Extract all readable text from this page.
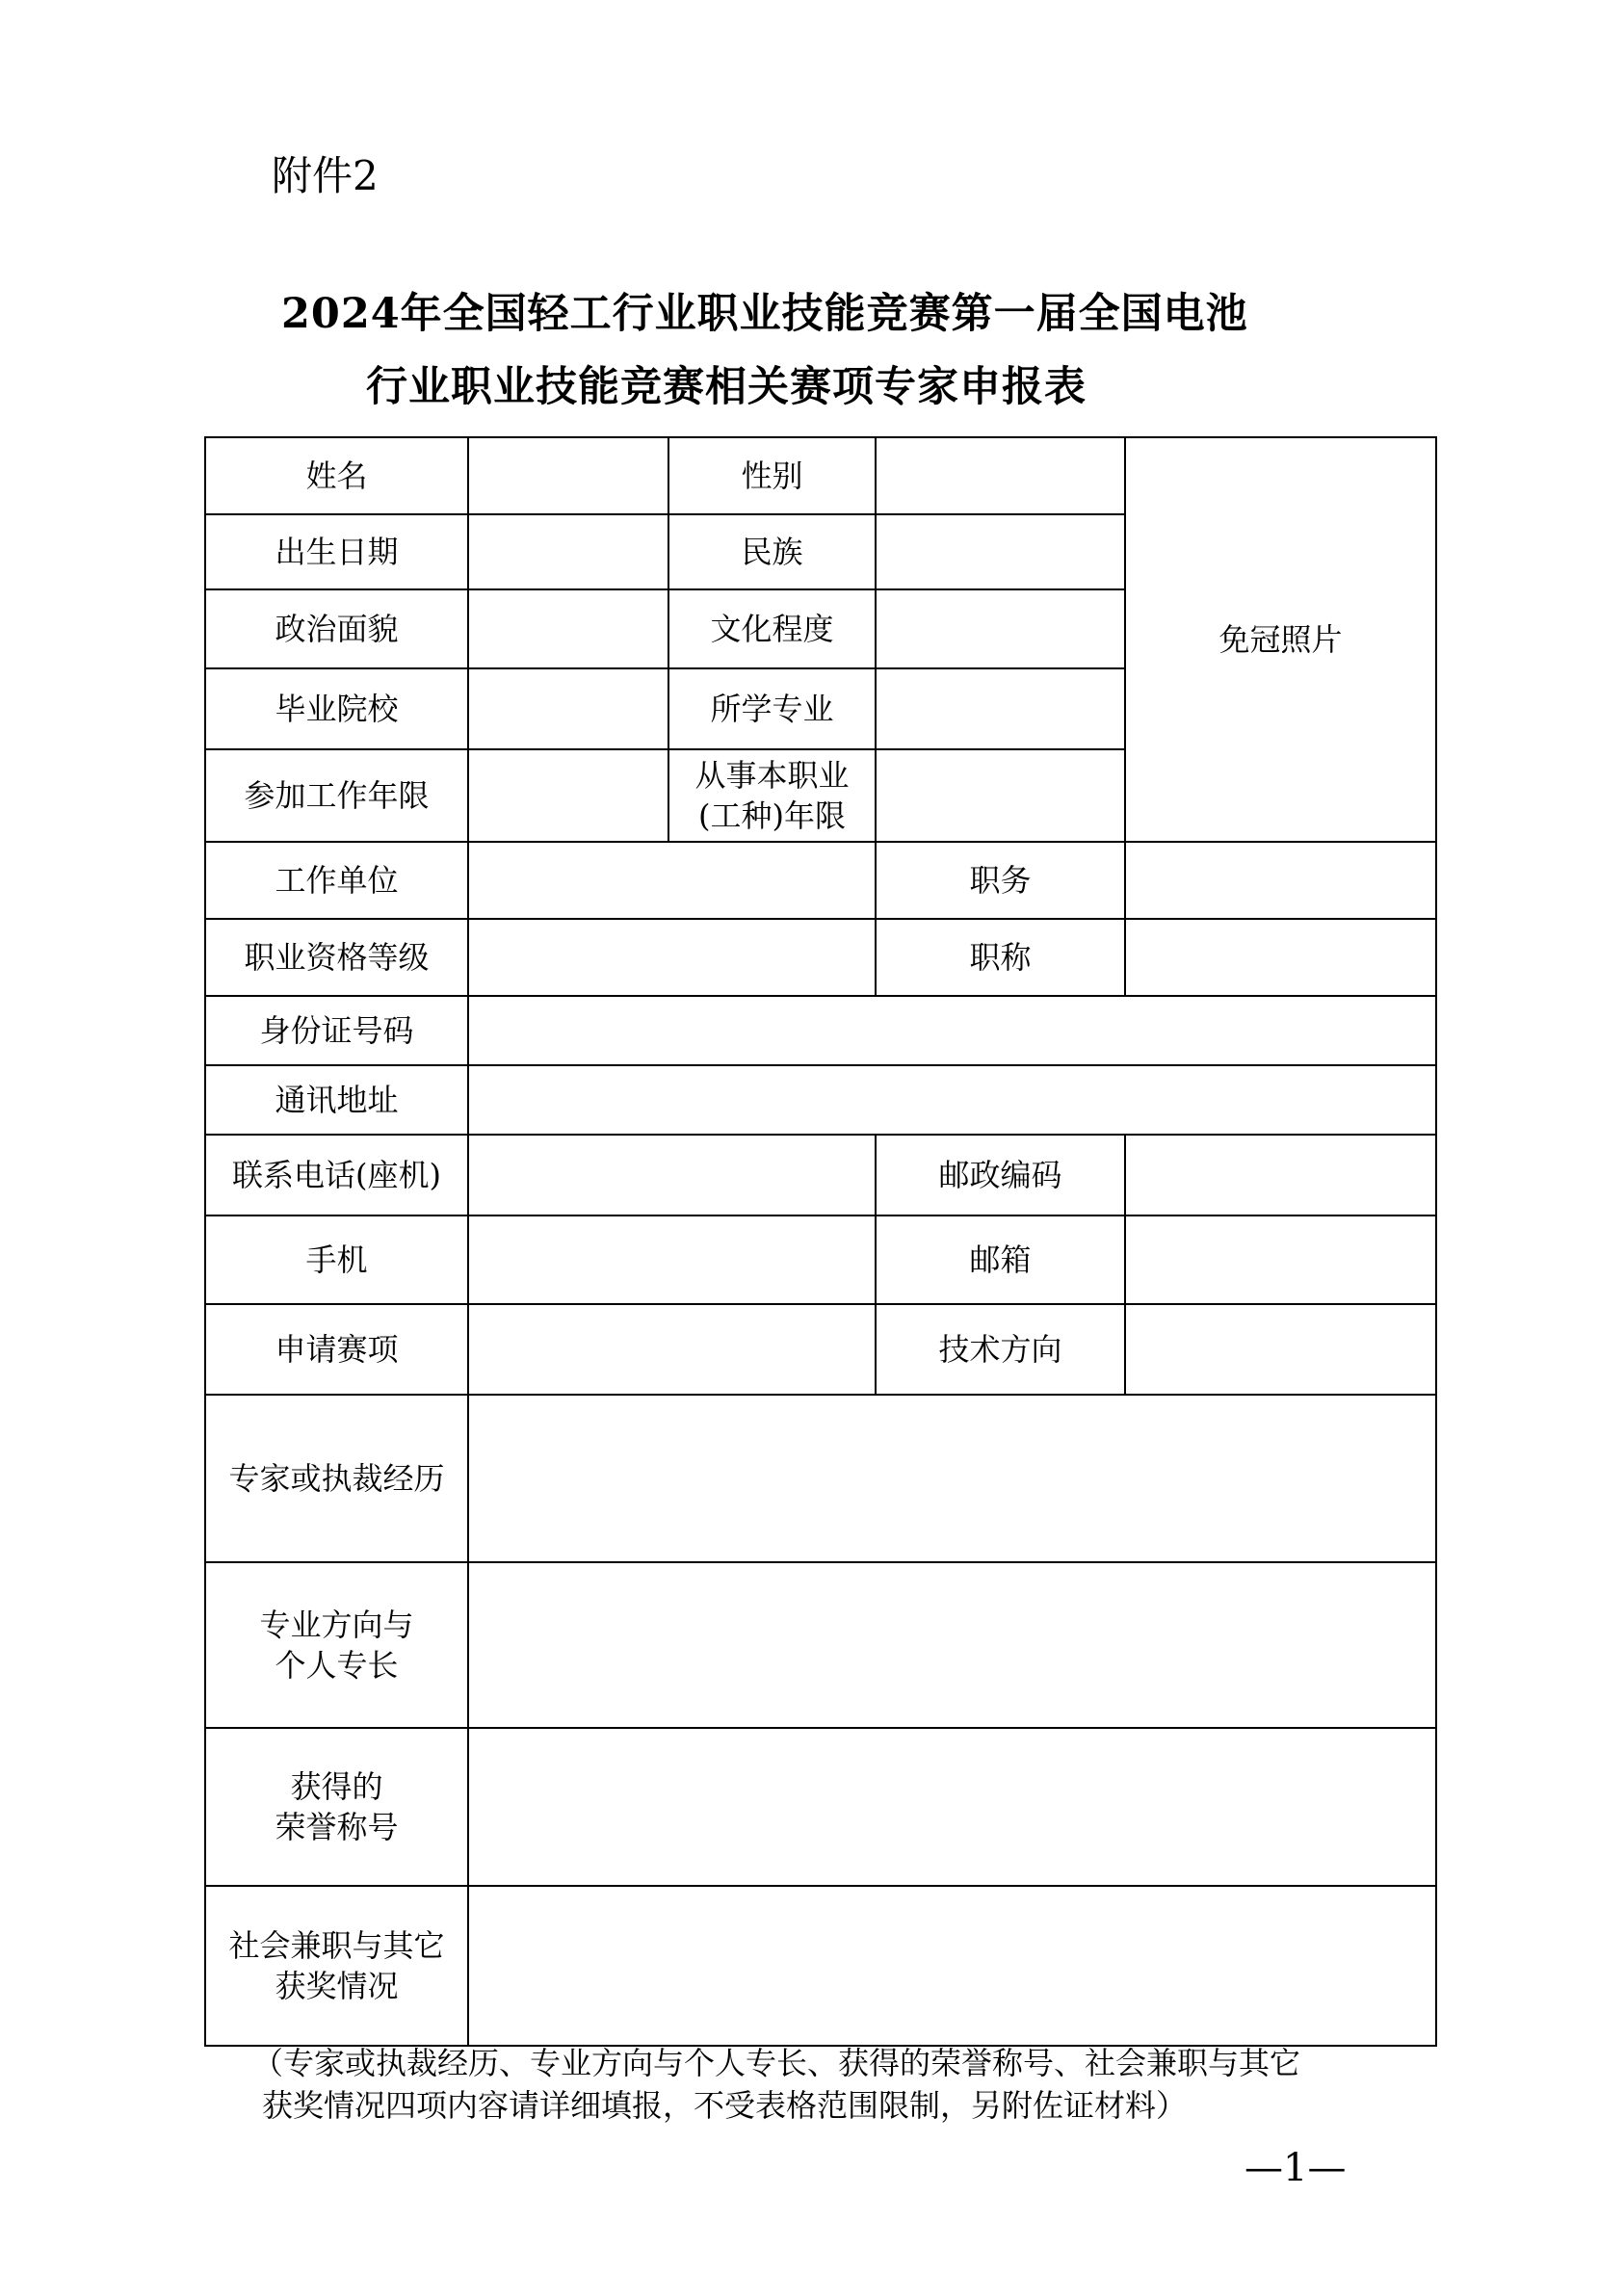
附件2
2024年全国轻工行业职业技能竞赛第一届全国电池
行业职业技能竞赛相关赛项专家申报表
姓名		性别		免冠照片
出生日期		民族		
政治面貌		文化程度		
毕业院校		所学专业		
参加工作年限		从事本职业
(工种)年限		

工作单位			职务	
职业资格等级			职称	
身份证号码				
通讯地址				
联系电话(座机)			邮政编码	
手机			邮箱	
申请赛项			技术方向	
专家或执裁经历				

专业方向与
个人专长				

获得的
荣誉称号				

社会兼职与其它
获奖情况				

（专家或执裁经历、专业方向与个人专长、获得的荣誉称号、社会兼职与其它
获奖情况四项内容请详细填报，不受表格范围限制，另附佐证材料）
—1—
